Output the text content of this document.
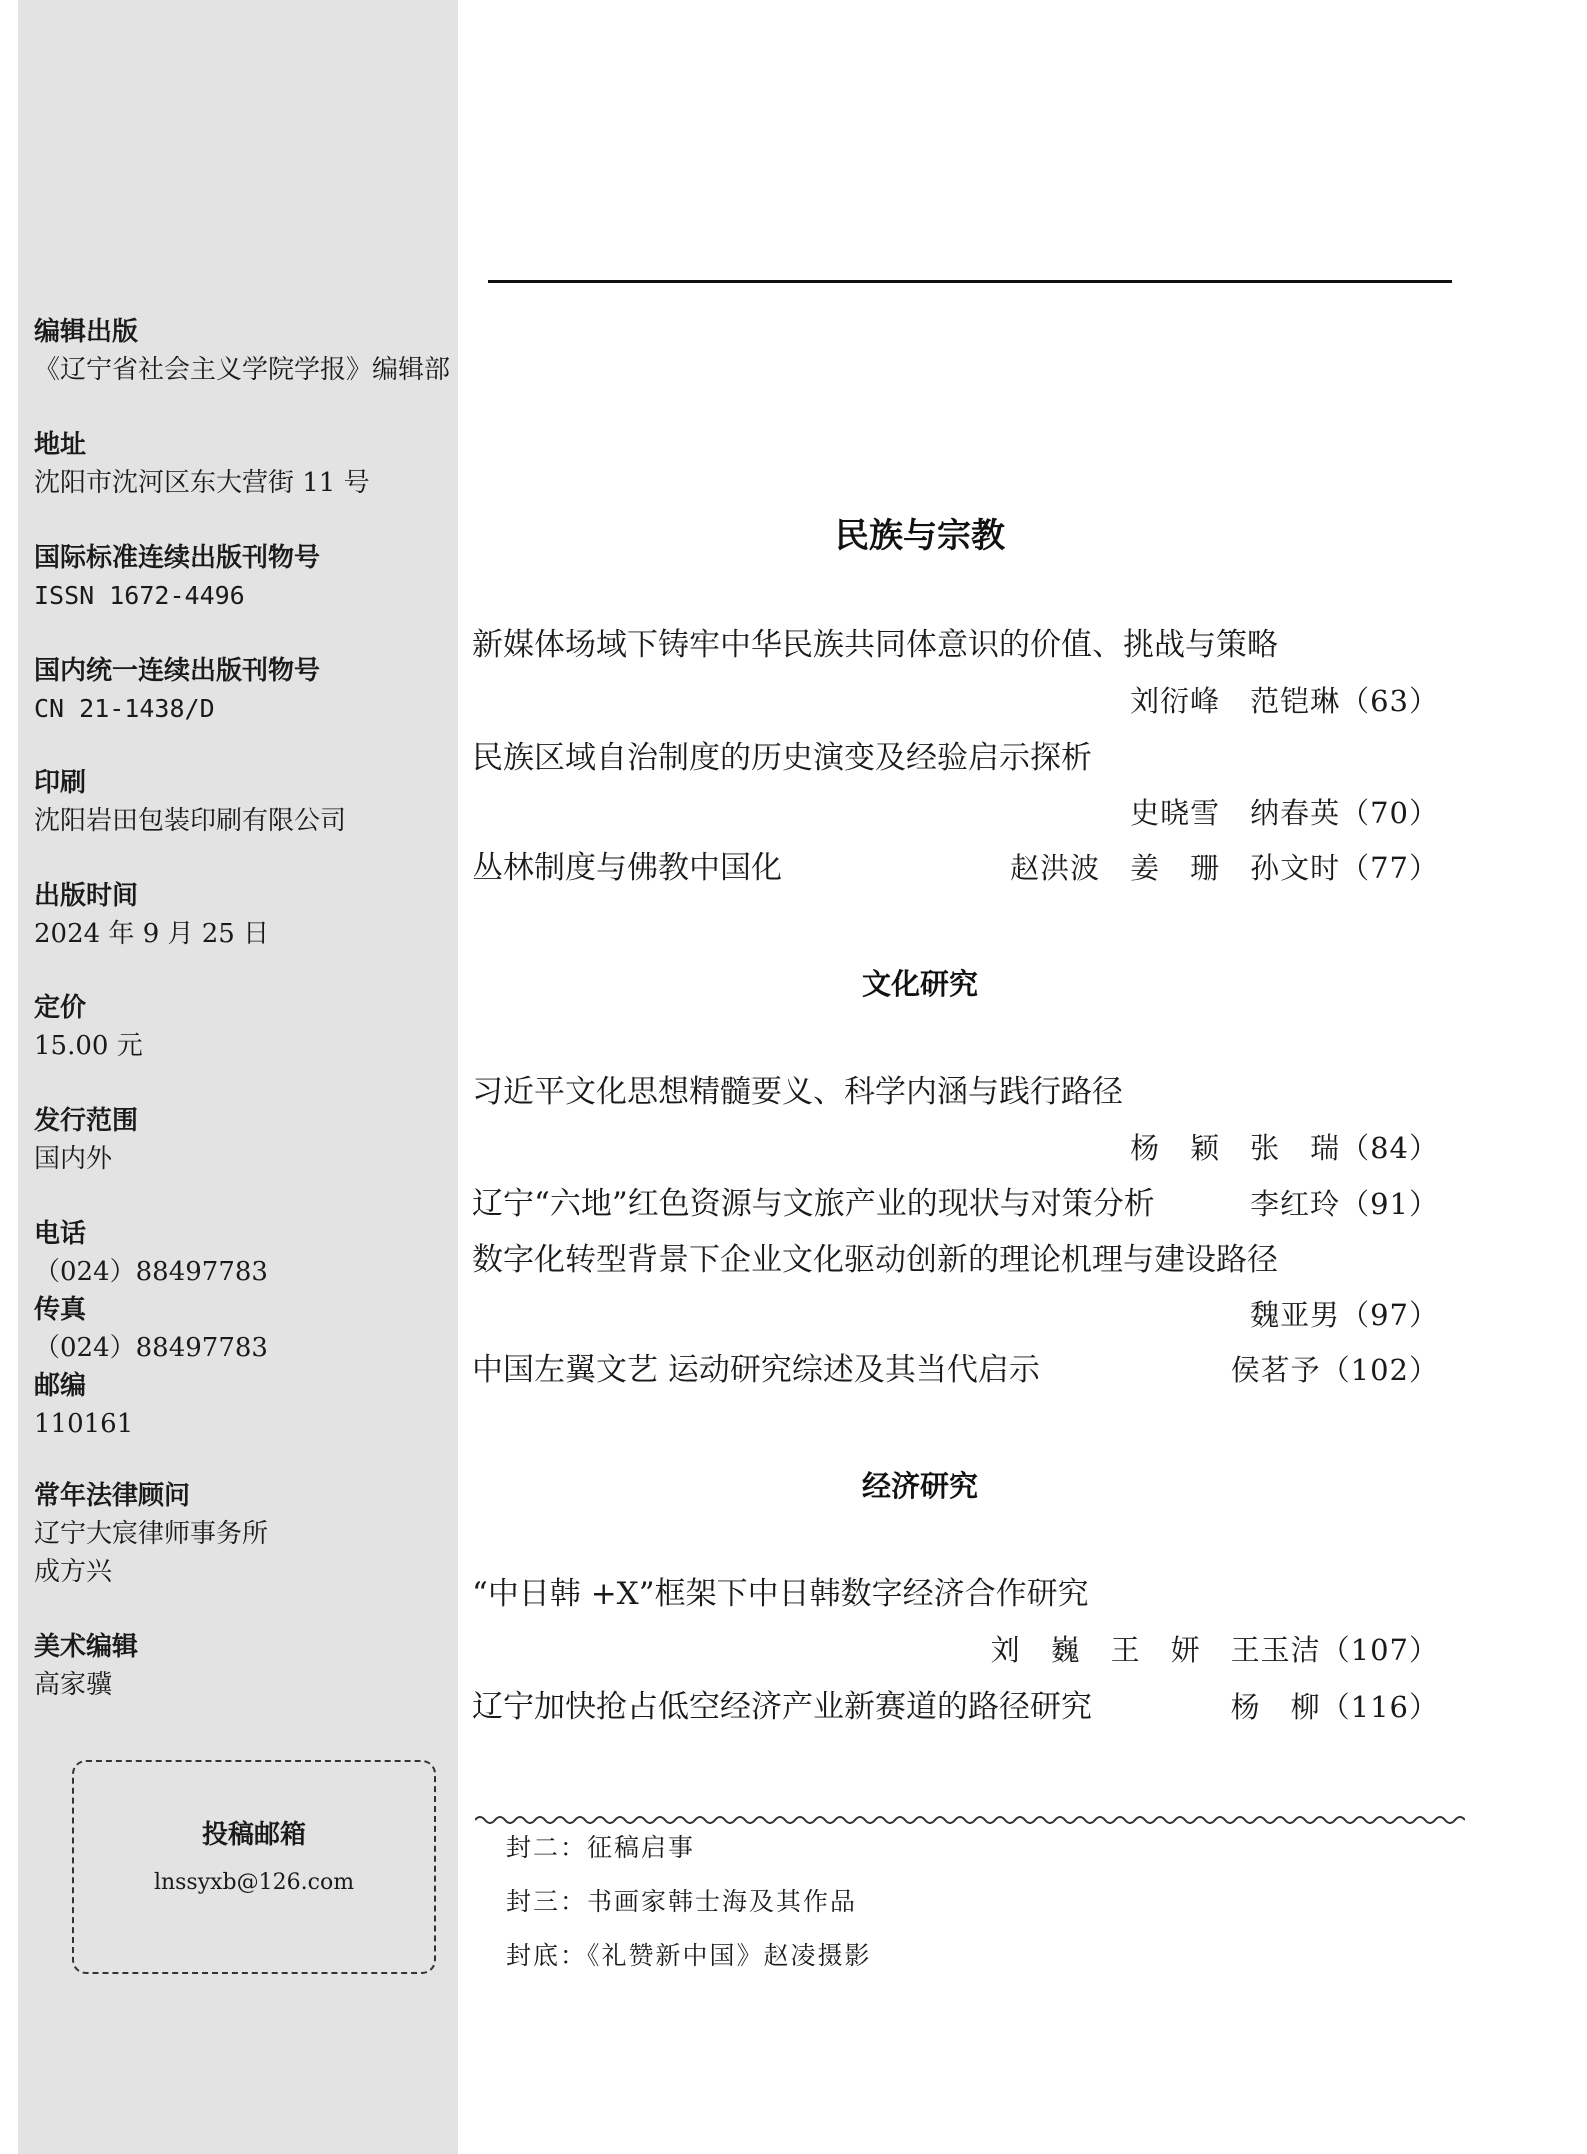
编辑出版
《辽宁省社会主义学院学报》编辑部
地址
沈阳市沈河区东大营街 11 号
国际标准连续出版刊物号
ISSN 1672-4496
国内统一连续出版刊物号
CN 21-1438/D
印刷
沈阳岩田包装印刷有限公司
出版时间
2024 年 9 月 25 日
定价
15.00 元
发行范围
国内外
电话
（024）88497783
传真
（024）88497783
邮编
110161
常年法律顾问
辽宁大宸律师事务所
成方兴
美术编辑
高家骥
投稿邮箱
lnssyxb@126.com
民族与宗教
新媒体场域下铸牢中华民族共同体意识的价值、挑战与策略
刘衍峰　范铠琳（63）
民族区域自治制度的历史演变及经验启示探析
史晓雪　纳春英（70）
丛林制度与佛教中国化	赵洪波　姜　珊　孙文时（77）
文化研究
习近平文化思想精髓要义、科学内涵与践行路径
杨　颖　张　瑞（84）
辽宁“六地”红色资源与文旅产业的现状与对策分析	李红玲（91）
数字化转型背景下企业文化驱动创新的理论机理与建设路径
魏亚男（97）
中国左翼文艺 运动研究综述及其当代启示	侯茗予（102）
经济研究
“中日韩 +X”框架下中日韩数字经济合作研究
刘　巍　王　妍　王玉洁（107）
辽宁加快抢占低空经济产业新赛道的路径研究	杨　柳（116）
封二：征稿启事
封三：书画家韩士海及其作品
封底：《礼赞新中国》赵凌摄影
